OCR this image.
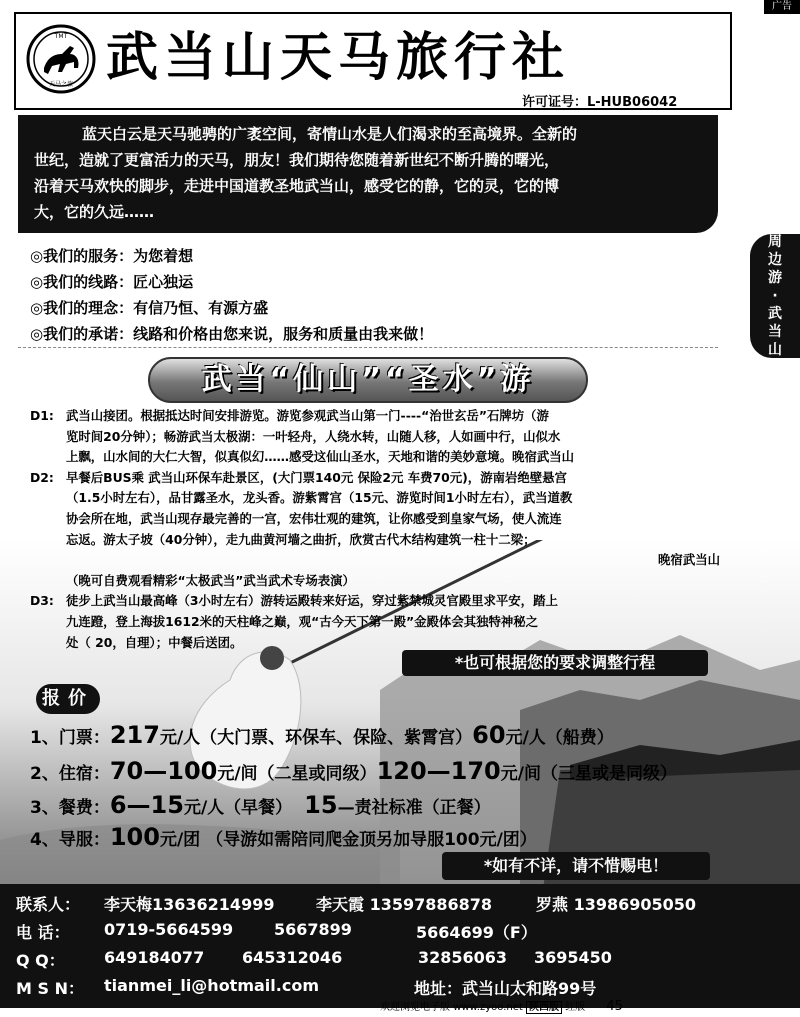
广告
TMT
天马之旅 武当山天马旅行社
许可证号：L-HUB06042
蓝天白云是天马驰骋的广袤空间，寄情山水是人们渴求的至高境界。全新的
世纪，造就了更富活力的天马，朋友！我们期待您随着新世纪不断升腾的曙光，
沿着天马欢快的脚步，走进中国道教圣地武当山，感受它的静，它的灵，它的博
大，它的久远……
周
边
游
·
武
当
山
◎我们的服务：为您着想
◎我们的线路：匠心独运
◎我们的理念：有信乃恒、有源方盛
◎我们的承诺：线路和价格由您来说，服务和质量由我来做！
武当“仙山”“圣水”游
D1: 武当山接团。根据抵达时间安排游览。游览参观武当山第一门----“治世玄岳”石牌坊（游
览时间20分钟）；畅游武当太极湖：一叶轻舟，人绕水转，山随人移，人如画中行，山似水
上飘，山水间的大仁大智，似真似幻……感受这仙山圣水，天地和谐的美妙意境。晚宿武当山
D2: 早餐后BUS乘 武当山环保车赴景区，(大门票140元 保险2元 车费70元)，游南岩绝壁悬宫
（1.5小时左右），品甘露圣水，龙头香。游紫霄宫（15元、游览时间1小时左右），武当道教
协会所在地，武当山现存最完善的一宫，宏伟壮观的建筑，让你感受到皇家气场，使人流连
忘返。游太子坡（40分钟），走九曲黄河墙之曲折，欣赏古代木结构建筑一柱十二梁；
晚宿武当山
（晚可自费观看精彩“太极武当”武当武术专场表演）
D3: 徒步上武当山最高峰（3小时左右）游转运殿转来好运，穿过紫禁城灵官殿里求平安，踏上
九连蹬，登上海拔1612米的天柱峰之巅，观“古今天下第一殿”金殿体会其独特神秘之
处（ 20，自理）；中餐后送团。
*也可根据您的要求调整行程
报价
1、门票：217元/人（大门票、环保车、保险、紫霄宫）60元/人（船费）
2、住宿：70—100元/间（二星或同级）120—170元/间（三星或是同级）
3、餐费：6—15元/人（早餐） 15—责社标准（正餐）
4、导服：100元/团 （导游如需陪同爬金顶另加导服100元/团）
*如有不详，请不惜赐电！
联系人： 李天梅13636214999	李天霞 13597886878	罗燕 13986905050
电 话： 0719-5664599	5667899	5664699（F）
Q Q： 649184077 645312046	32856063 3695450
M S N： tianmei_li@hotmail.com	地址：武当山太和路99号
欢迎浏览电子版 www.zyoo.net 陕西版 红版 45
